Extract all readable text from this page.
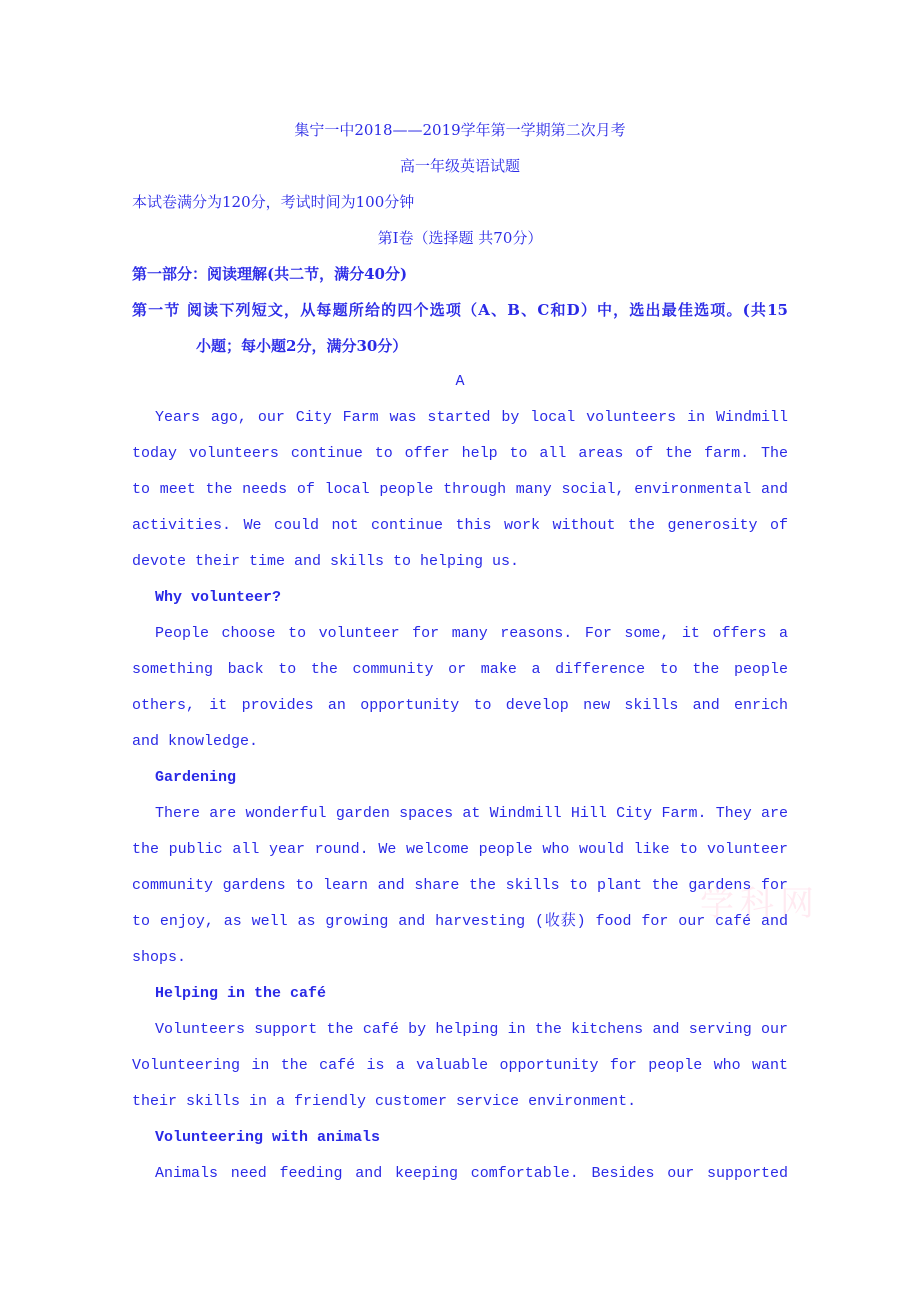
学科网
集宁一中2018——2019学年第一学期第二次月考
高一年级英语试题
本试卷满分为120分，考试时间为100分钟
第Ⅰ卷（选择题 共70分）
第一部分：阅读理解(共二节，满分40分)
第一节 阅读下列短文，从每题所给的四个选项（A、B、C和D）中，选出最佳选项。(共15
小题；每小题2分，满分30分）
A
Years ago, our City Farm was started by local volunteers in Windmill
today volunteers continue to offer help to all areas of the farm. The
to meet the needs of local people through many social, environmental and
activities. We could not continue this work without the generosity of
devote their time and skills to helping us.
Why volunteer?
People choose to volunteer for many reasons. For some, it offers a
something back to the community or make a difference to the people
others, it provides an opportunity to develop new skills and enrich
and knowledge.
Gardening
There are wonderful garden spaces at Windmill Hill City Farm. They are
the public all year round. We welcome people who would like to volunteer
community gardens to learn and share the skills to plant the gardens for
to enjoy, as well as growing and harvesting (收获) food for our café and
shops.
Helping in the café
Volunteers support the café by helping in the kitchens and serving our
Volunteering in the café is a valuable opportunity for people who want
their skills in a friendly customer service environment.
Volunteering with animals
Animals need feeding and keeping comfortable. Besides our supported
